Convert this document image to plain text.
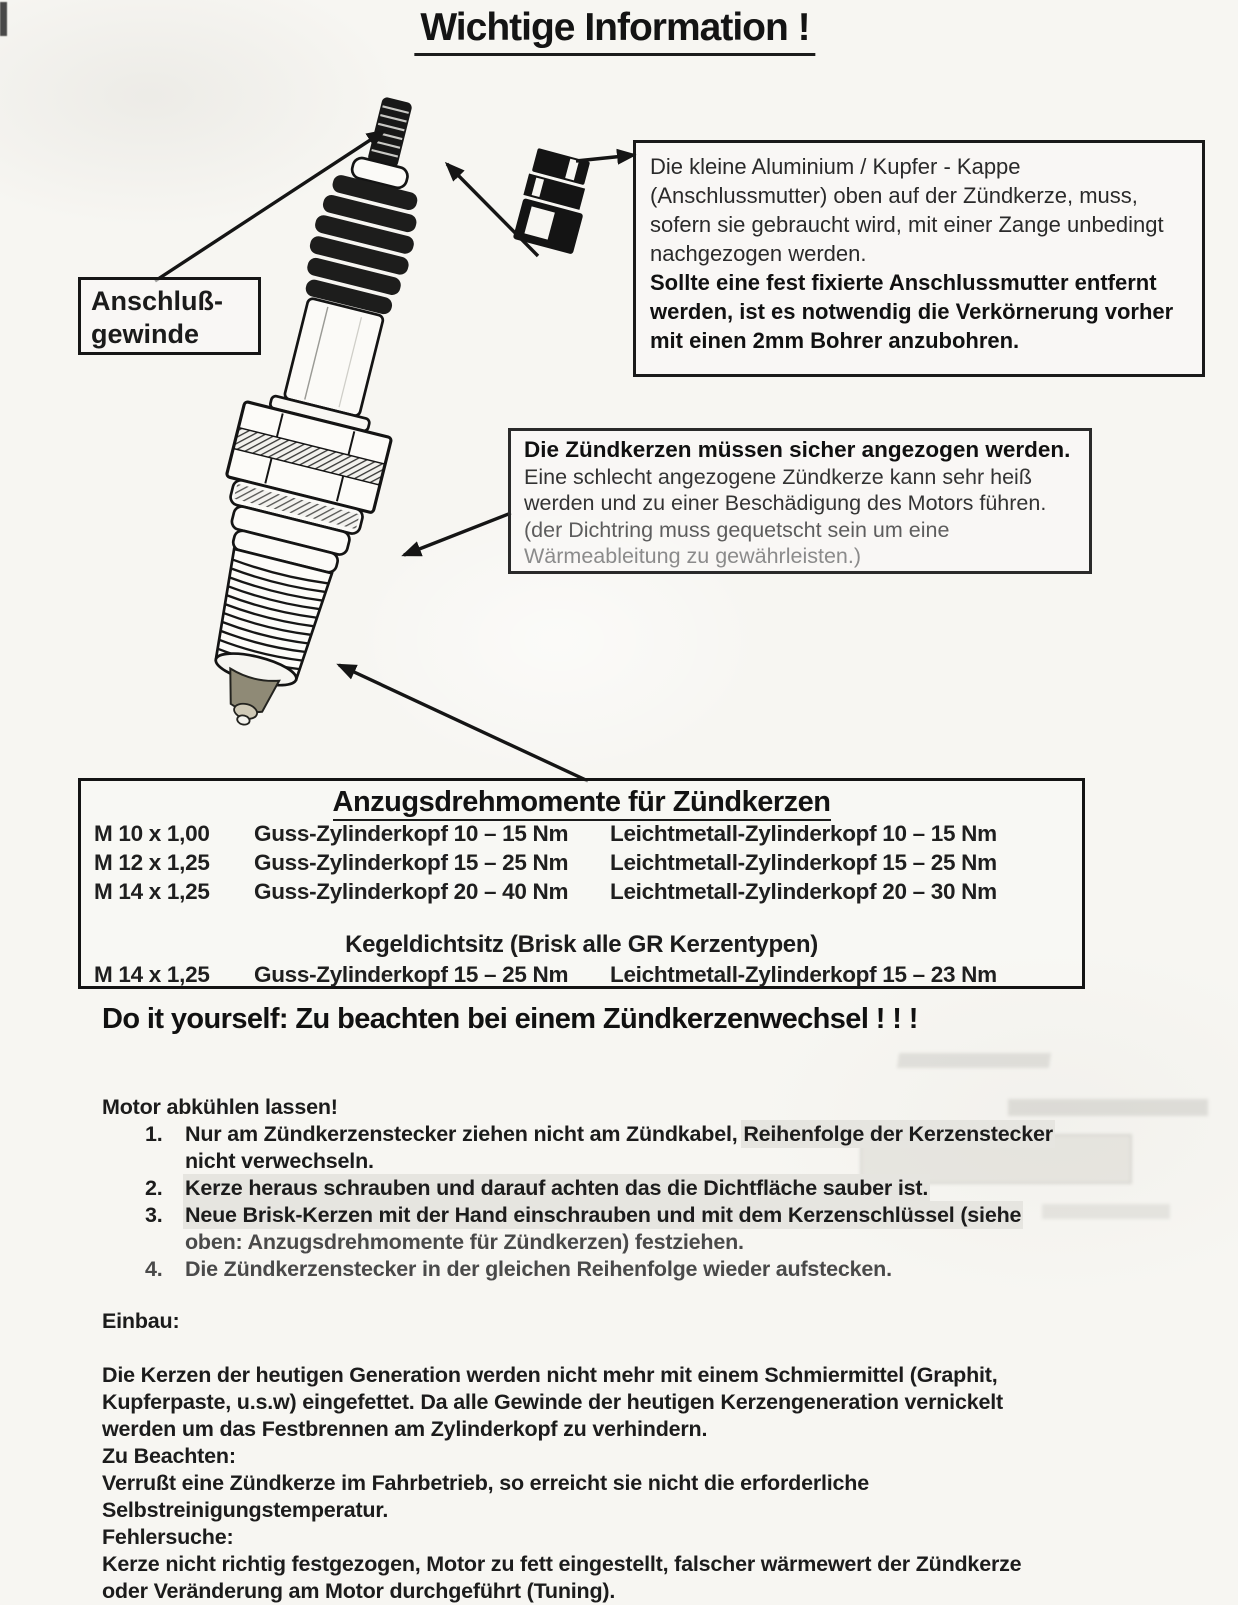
Wichtige Information !
Anschluß-
gewinde
Die kleine Aluminium / Kupfer - Kappe
(Anschlussmutter) oben auf der Zündkerze, muss,
sofern sie gebraucht wird, mit einer Zange unbedingt
nachgezogen werden.
Sollte eine fest fixierte Anschlussmutter entfernt
werden, ist es notwendig die Verkörnerung vorher
mit einen 2mm Bohrer anzubohren.
Die Zündkerzen müssen sicher angezogen werden.
Eine schlecht angezogene Zündkerze kann sehr heiß
werden und zu einer Beschädigung des Motors führen.
(der Dichtring muss gequetscht sein um eine
Wärmeableitung zu gewährleisten.)
Anzugsdrehmomente für Zündkerzen
M 10 x 1,00	Guss-Zylinderkopf 10 – 15 Nm	Leichtmetall-Zylinderkopf 10 – 15 Nm
M 12 x 1,25	Guss-Zylinderkopf 15 – 25 Nm	Leichtmetall-Zylinderkopf 15 – 25 Nm
M 14 x 1,25	Guss-Zylinderkopf 20 – 40 Nm	Leichtmetall-Zylinderkopf 20 – 30 Nm
Kegeldichtsitz (Brisk alle GR Kerzentypen)
M 14 x 1,25	Guss-Zylinderkopf 15 – 25 Nm	Leichtmetall-Zylinderkopf 15 – 23 Nm
Do it yourself: Zu beachten bei einem Zündkerzenwechsel ! ! !
Motor abkühlen lassen!
1.	Nur am Zündkerzenstecker ziehen nicht am Zündkabel, Reihenfolge der Kerzenstecker
nicht verwechseln.
2.	Kerze heraus schrauben und darauf achten das die Dichtfläche sauber ist.
3.	Neue Brisk-Kerzen mit der Hand einschrauben und mit dem Kerzenschlüssel (siehe
oben: Anzugsdrehmomente für Zündkerzen) festziehen.
4.	Die Zündkerzenstecker in der gleichen Reihenfolge wieder aufstecken.
Einbau:
Die Kerzen der heutigen Generation werden nicht mehr mit einem Schmiermittel (Graphit,
Kupferpaste, u.s.w) eingefettet. Da alle Gewinde der heutigen Kerzengeneration vernickelt
werden um das Festbrennen am Zylinderkopf zu verhindern.
Zu Beachten:
Verrußt eine Zündkerze im Fahrbetrieb, so erreicht sie nicht die erforderliche
Selbstreinigungstemperatur.
Fehlersuche:
Kerze nicht richtig festgezogen, Motor zu fett eingestellt, falscher wärmewert der Zündkerze
oder Veränderung am Motor durchgeführt (Tuning).
